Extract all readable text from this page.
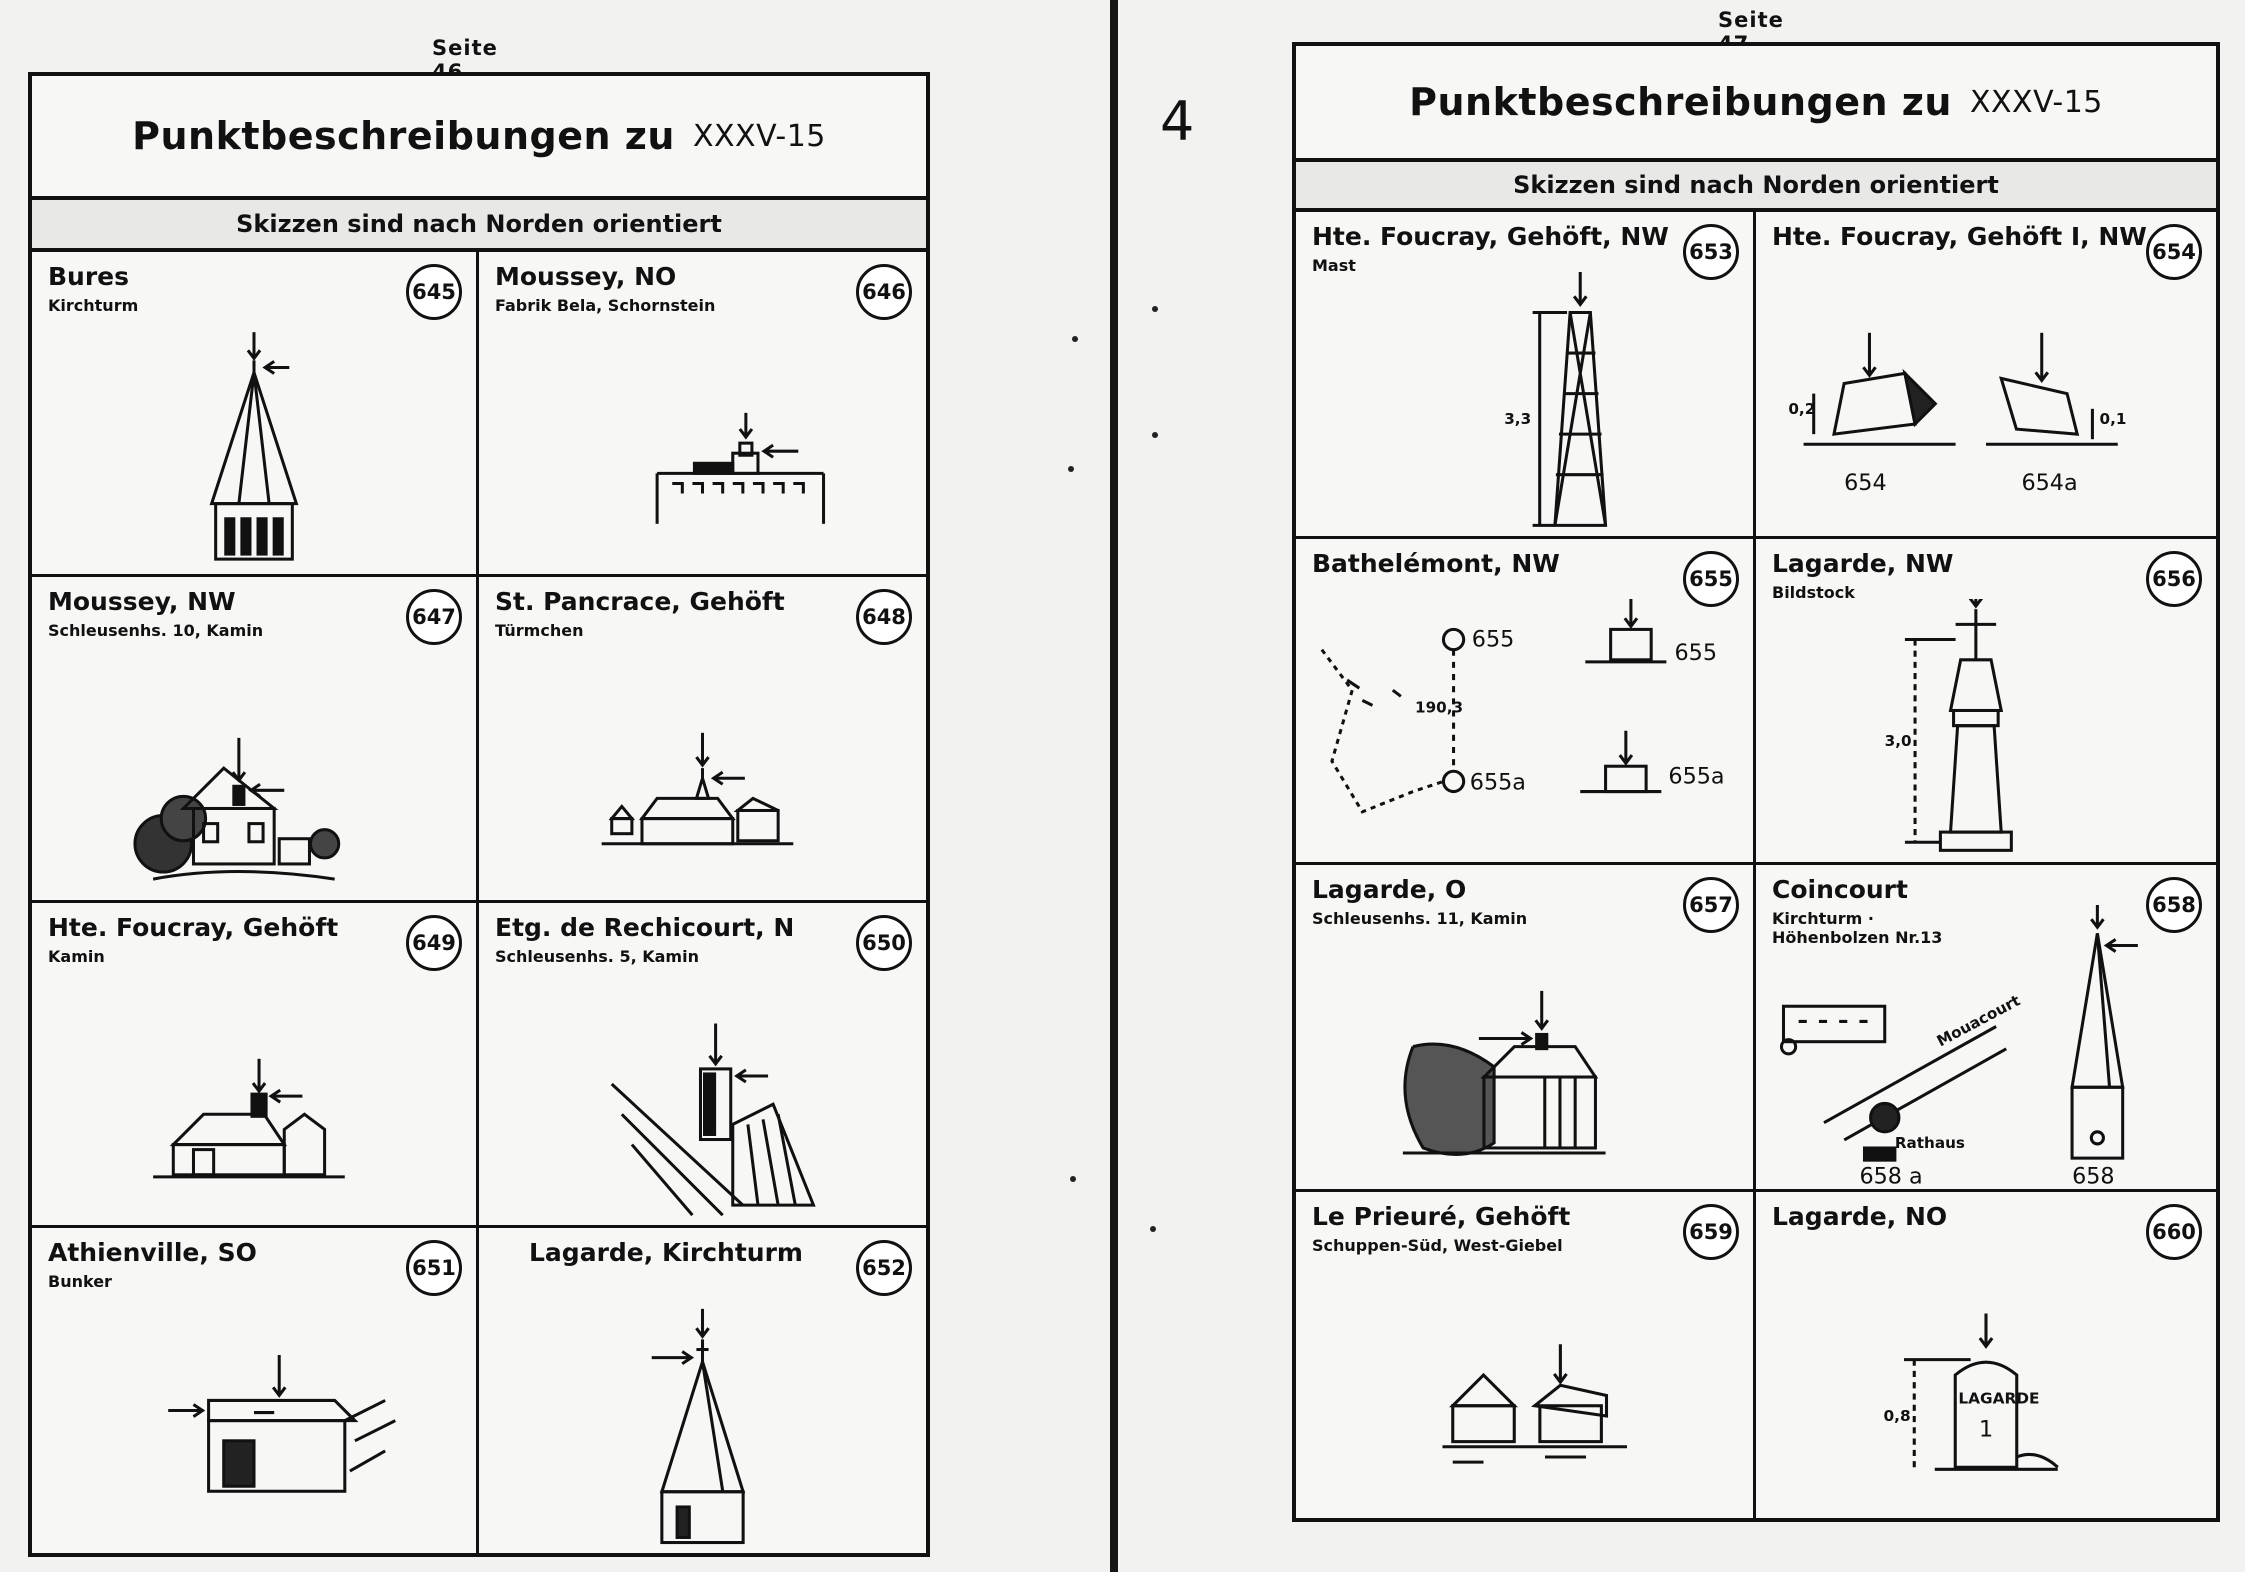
Seite
Punktbeschreibungen zu XXXV-15
Skizzen sind nach Norden orientiert
Bures
Kirchturm
645
Moussey, NO
Fabrik Bela, Schornstein
646
Moussey, NW
Schleusenhs. 10, Kamin
647
St. Pancrace, Gehöft
Türmchen
648
Hte. Foucray, Gehöft
Kamin
649
Etg. de Rechicourt, N
Schleusenhs. 5, Kamin
650
Athienville, SO
Bunker
651
Lagarde, Kirchturm
652
4
Seite
Punktbeschreibungen zu XXXV-15
Skizzen sind nach Norden orientiert
Hte. Foucray, Gehöft, NW
Mast
653
3,3
Hte. Foucray, Gehöft I, NW
654
0,2
0,1
654	654a
Bathelémont, NW
655
655
655a
190,3
655
655a
Lagarde, NW
Bildstock
656
3,0
Lagarde, O
Schleusenhs. 11, Kamin
657
Coincourt
Kirchturm · Höhenbolzen Nr.13
658
Mouacourt
Rathaus
658 a	658
Le Prieuré, Gehöft
Schuppen-Süd, West-Giebel
659
Lagarde, NO
660
0,8
LAGARDE
1
